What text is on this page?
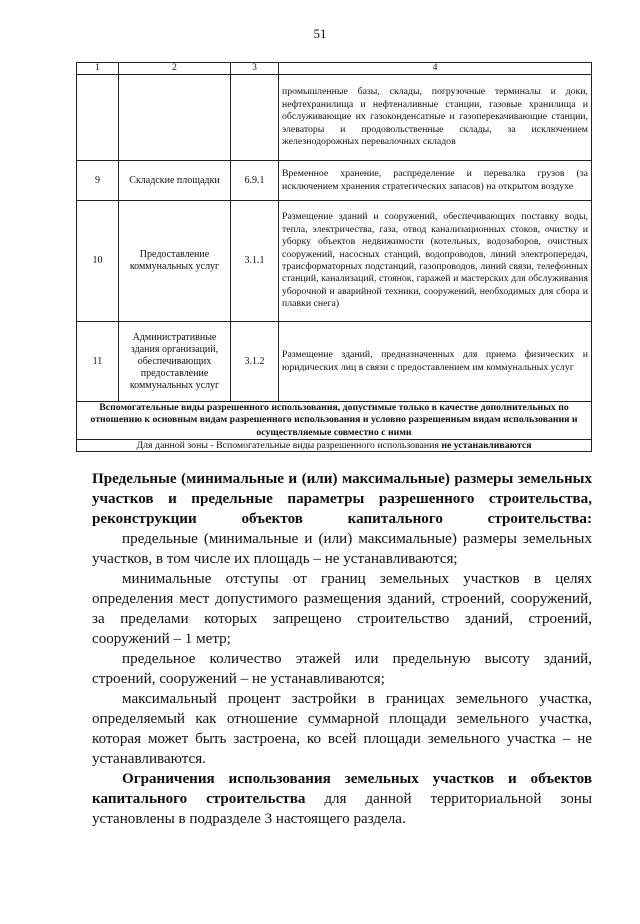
51
1	2	3	4
			промышленные базы, склады, погрузочные терминалы и доки, нефтехранилища и нефтеналивные станции, газовые хранилища и обслуживающие их газоконденсатные и газоперекачивающие станции, элеваторы и продовольственные склады, за исключением железнодорожных перевалочных складов
9	Складские площадки	6.9.1	Временное хранение, распределение и перевалка грузов (за исключением хранения стратегических запасов) на открытом воздухе
10	Предоставление коммунальных услуг	3.1.1	Размещение зданий и сооружений, обеспечивающих поставку воды, тепла, электричества, газа, отвод канализационных стоков, очистку и уборку объектов недвижимости (котельных, водозаборов, очистных сооружений, насосных станций, водопроводов, линий электропередач, трансформаторных подстанций, газопроводов, линий связи, телефонных станций, канализаций, стоянок, гаражей и мастерских для обслуживания уборочной и аварийной техники, сооружений, необходимых для сбора и плавки снега)
11	Административные здания организаций, обеспечивающих предоставление коммунальных услуг	3.1.2	Размещение зданий, предназначенных для приема физических и юридических лиц в связи с предоставлением им коммунальных услуг
Вспомогательные виды разрешенного использования, допустимые только в качестве дополнительных по отношению к основным видам разрешенного использования и условно разрешенным видам использования и осуществляемые совместно с ними			
Для данной зоны - Вспомогательные виды разрешенного использования не устанавливаются			
Предельные (минимальные и (или) максимальные) размеры земельных участков и предельные параметры разрешенного строительства, реконструкции объектов капитального строительства:

предельные (минимальные и (или) максимальные) размеры земельных участков, в том числе их площадь – не устанавливаются;

минимальные отступы от границ земельных участков в целях определения мест допустимого размещения зданий, строений, сооружений, за пределами которых запрещено строительство зданий, строений, сооружений – 1 метр;

предельное количество этажей или предельную высоту зданий, строений, сооружений – не устанавливаются;

максимальный процент застройки в границах земельного участка, определяемый как отношение суммарной площади земельного участка, которая может быть застроена, ко всей площади земельного участка – не устанавливаются.

Ограничения использования земельных участков и объектов капитального строительства для данной территориальной зоны установлены в подразделе 3 настоящего раздела.
